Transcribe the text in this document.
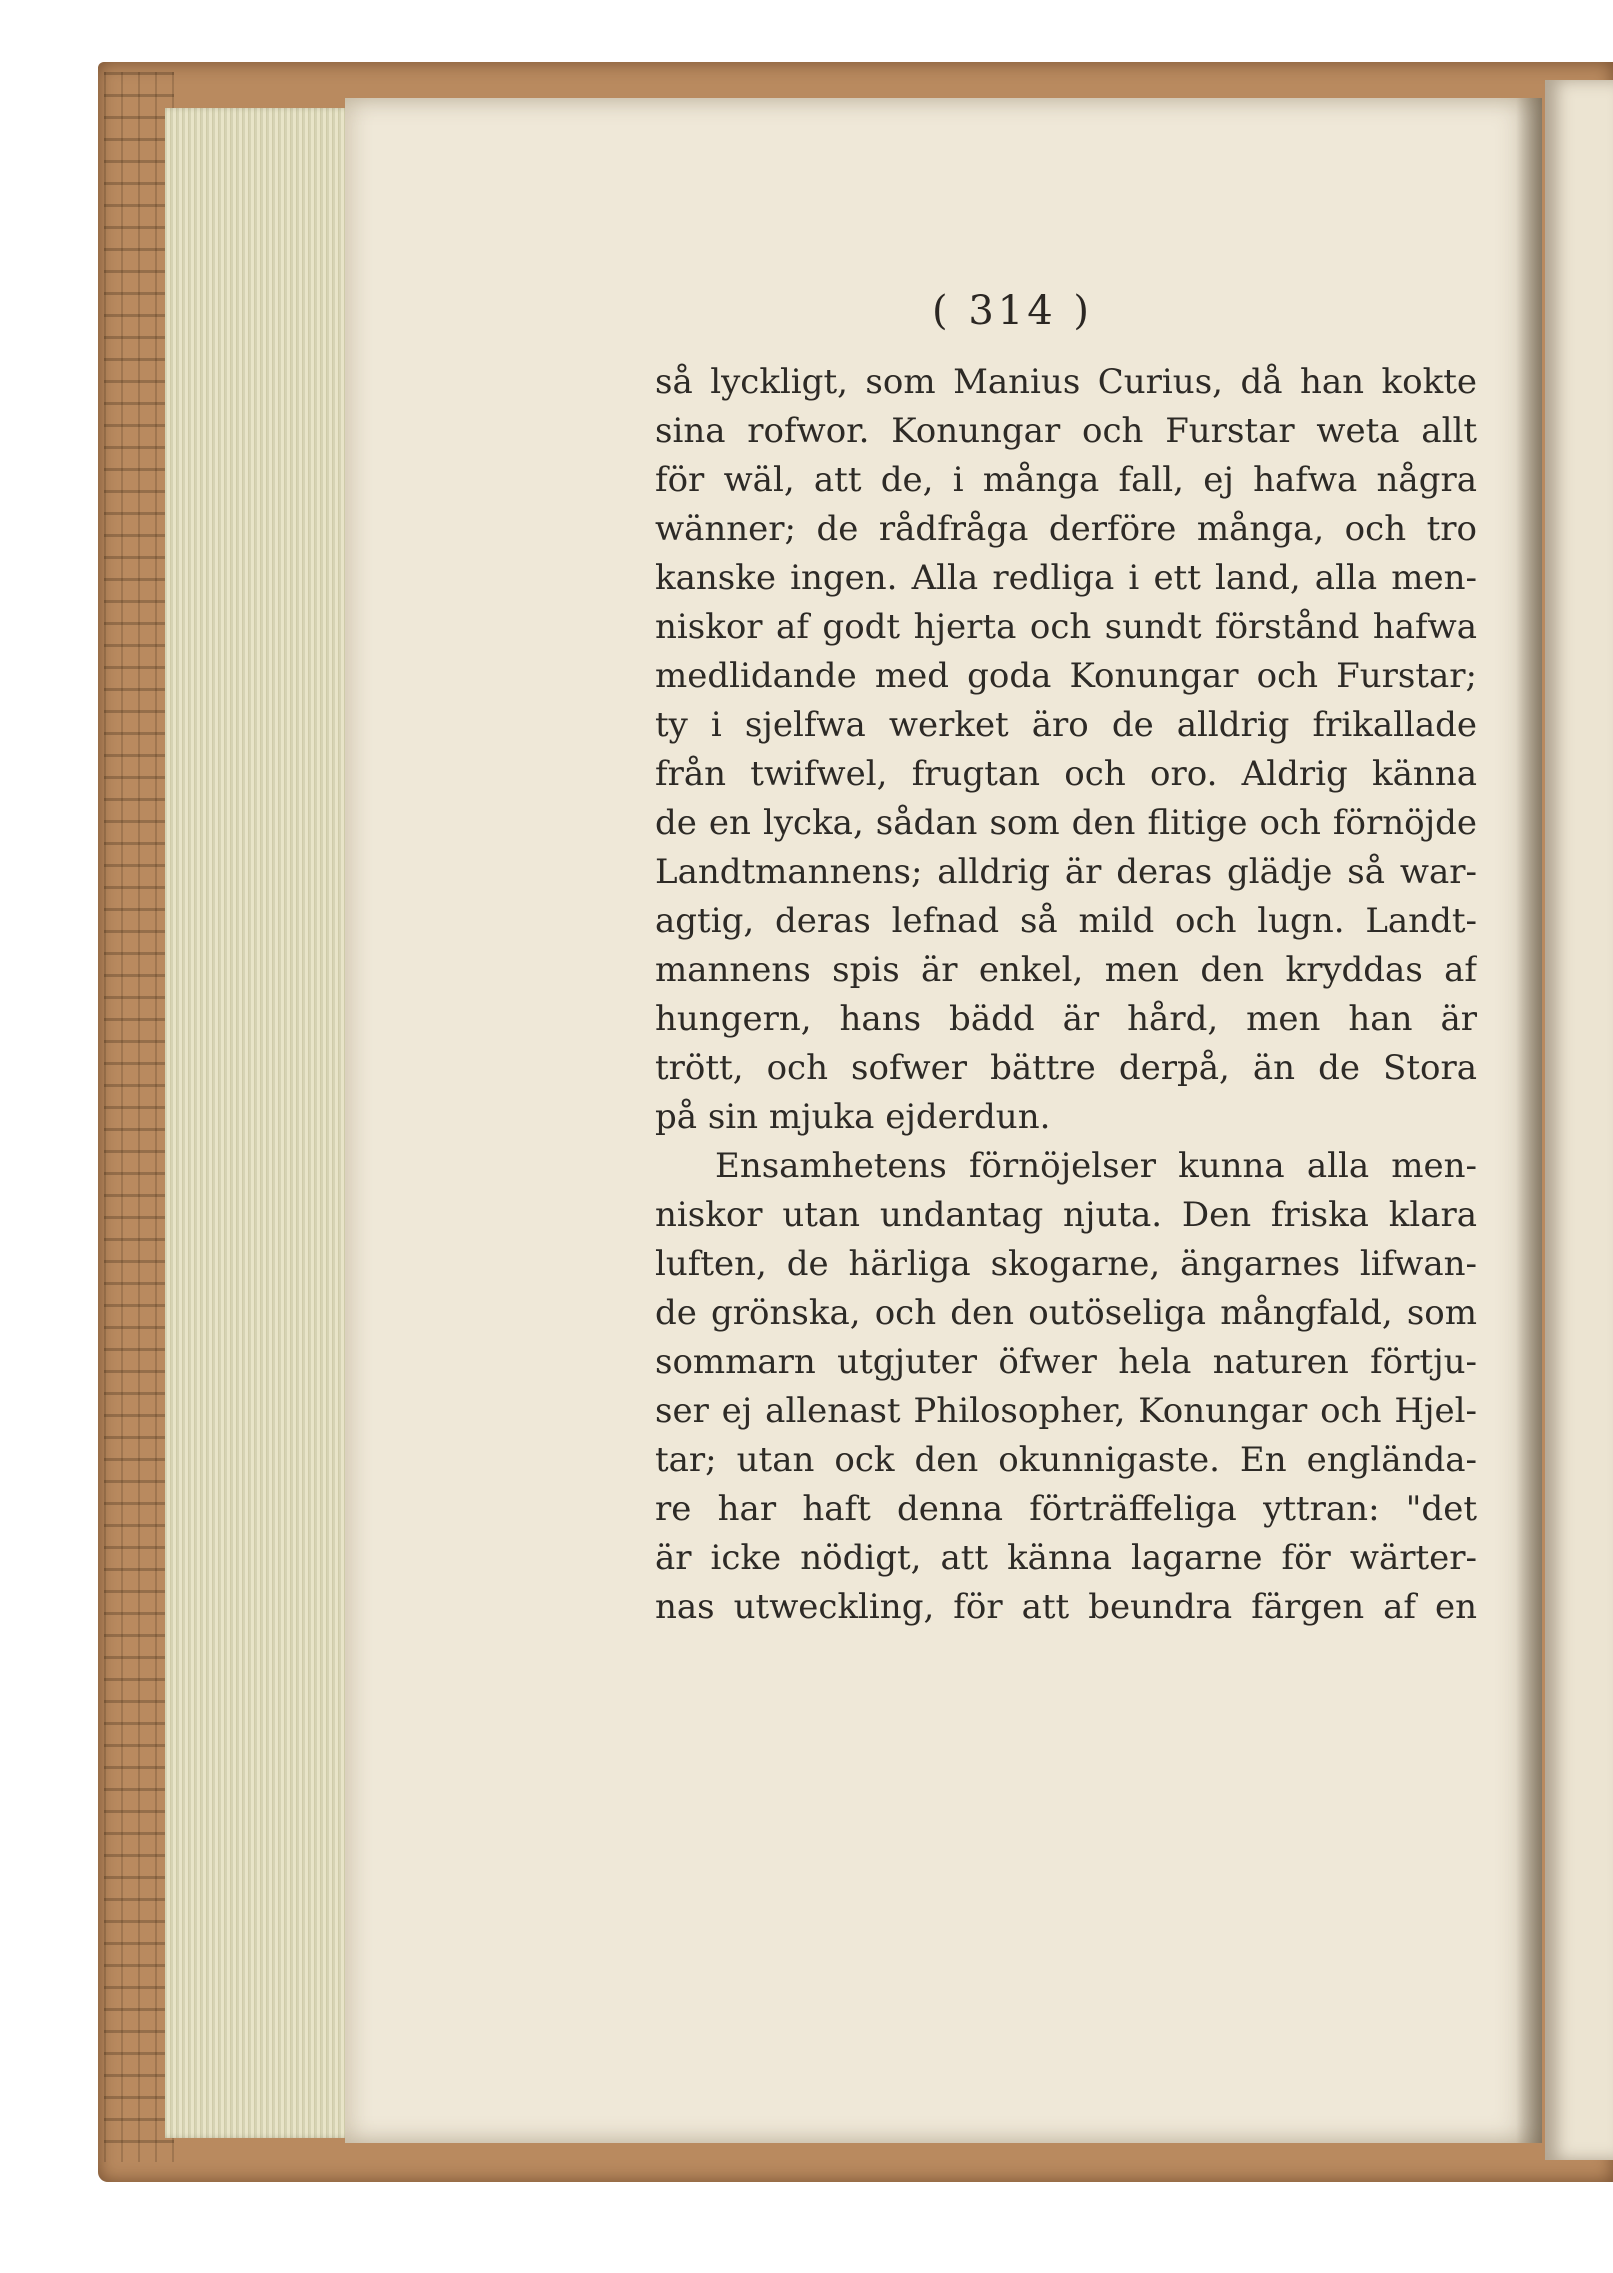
( 314 )
så lyckligt, som Manius Curius, då han kokte
sina rofwor. Konungar och Furstar weta allt
för wäl, att de, i många fall, ej hafwa några
wänner; de rådfråga derföre många, och tro
kanske ingen. Alla redliga i ett land, alla men-
niskor af godt hjerta och sundt förstånd hafwa
medlidande med goda Konungar och Furstar;
ty i sjelfwa werket äro de alldrig frikallade
från twifwel, frugtan och oro. Aldrig känna
de en lycka, sådan som den flitige och förnöjde
Landtmannens; alldrig är deras glädje så war-
agtig, deras lefnad så mild och lugn. Landt-
mannens spis är enkel, men den kryddas af
hungern, hans bädd är hård, men han är
trött, och sofwer bättre derpå, än de Stora
på sin mjuka ejderdun.
Ensamhetens förnöjelser kunna alla men-
niskor utan undantag njuta. Den friska klara
luften, de härliga skogarne, ängarnes lifwan-
de grönska, och den outöseliga mångfald, som
sommarn utgjuter öfwer hela naturen förtju-
ser ej allenast Philosopher, Konungar och Hjel-
tar; utan ock den okunnigaste. En englända-
re har haft denna förträffeliga yttran: "det
är icke nödigt, att känna lagarne för wärter-
nas utweckling, för att beundra färgen af en
